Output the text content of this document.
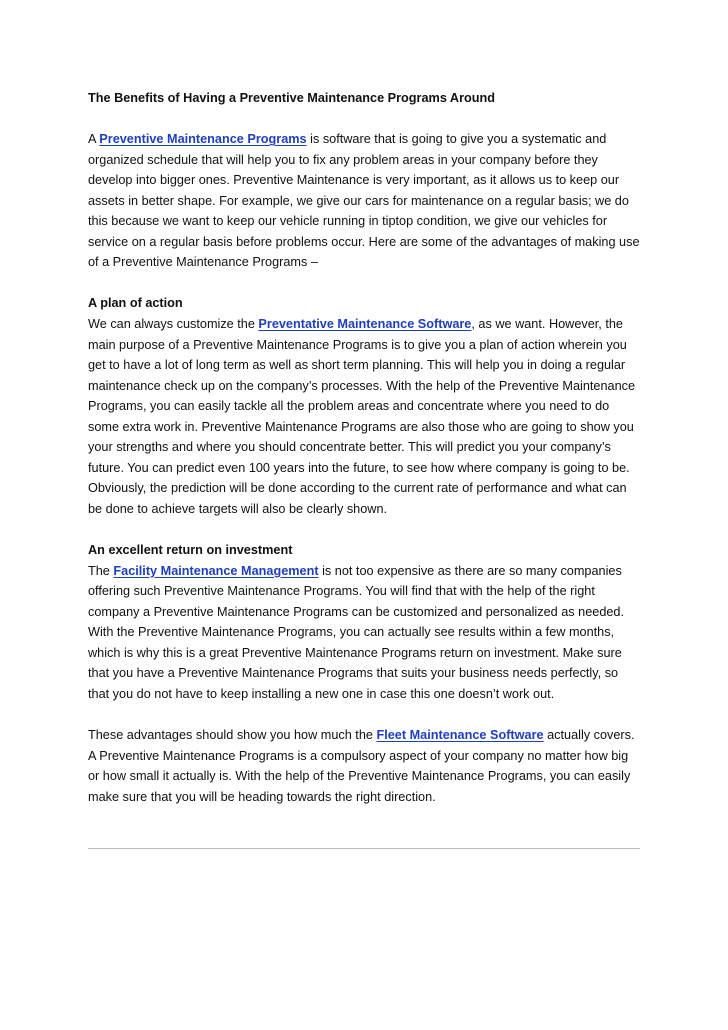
The Benefits of Having a Preventive Maintenance Programs Around

A Preventive Maintenance Programs is software that is going to give you a systematic and organized schedule that will help you to fix any problem areas in your company before they develop into bigger ones. Preventive Maintenance is very important, as it allows us to keep our assets in better shape. For example, we give our cars for maintenance on a regular basis; we do this because we want to keep our vehicle running in tiptop condition, we give our vehicles for service on a regular basis before problems occur. Here are some of the advantages of making use of a Preventive Maintenance Programs –

A plan of action

We can always customize the Preventative Maintenance Software, as we want. However, the main purpose of a Preventive Maintenance Programs is to give you a plan of action wherein you get to have a lot of long term as well as short term planning. This will help you in doing a regular maintenance check up on the company’s processes. With the help of the Preventive Maintenance Programs, you can easily tackle all the problem areas and concentrate where you need to do some extra work in. Preventive Maintenance Programs are also those who are going to show you your strengths and where you should concentrate better. This will predict you your company’s future. You can predict even 100 years into the future, to see how where company is going to be. Obviously, the prediction will be done according to the current rate of performance and what can be done to achieve targets will also be clearly shown.

An excellent return on investment

The Facility Maintenance Management is not too expensive as there are so many companies offering such Preventive Maintenance Programs. You will find that with the help of the right company a Preventive Maintenance Programs can be customized and personalized as needed. With the Preventive Maintenance Programs, you can actually see results within a few months, which is why this is a great Preventive Maintenance Programs return on investment. Make sure that you have a Preventive Maintenance Programs that suits your business needs perfectly, so that you do not have to keep installing a new one in case this one doesn’t work out.

These advantages should show you how much the Fleet Maintenance Software actually covers. A Preventive Maintenance Programs is a compulsory aspect of your company no matter how big or how small it actually is. With the help of the Preventive Maintenance Programs, you can easily make sure that you will be heading towards the right direction.
